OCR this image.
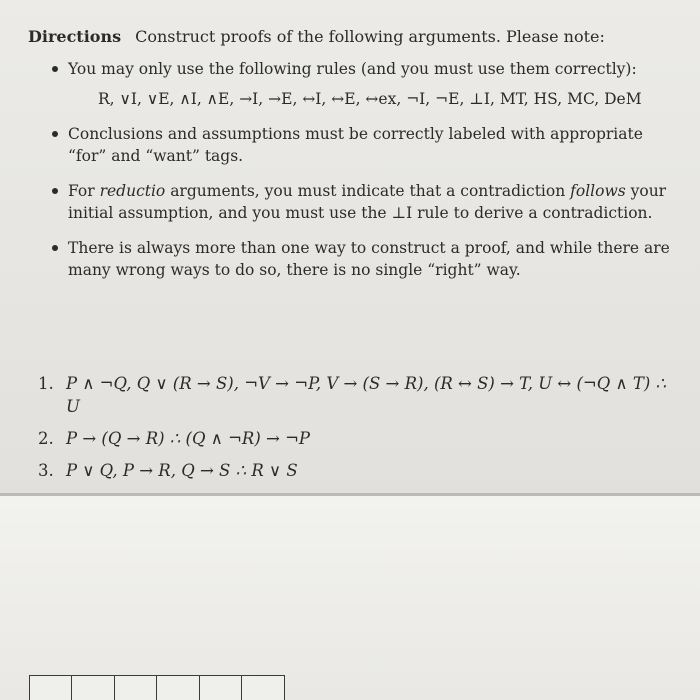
Directions Construct proofs of the following arguments. Please note:
You may only use the following rules (and you must use them correctly):
R, ∨I, ∨E, ∧I, ∧E, →I, →E, ↔I, ↔E, ↔ex, ¬I, ¬E, ⊥I, MT, HS, MC, DeM
Conclusions and assumptions must be correctly labeled with appropriate “for” and “want” tags.
For reductio arguments, you must indicate that a contradiction follows your initial assumption, and you must use the ⊥I rule to derive a contradiction.
There is always more than one way to construct a proof, and while there are many wrong ways to do so, there is no single “right” way.
1. P ∧ ¬Q, Q ∨ (R → S), ¬V → ¬P, V → (S → R), (R ↔ S) → T, U ↔ (¬Q ∧ T) ∴ U
2. P → (Q → R) ∴ (Q ∧ ¬R) → ¬P
3. P ∨ Q, P → R, Q → S ∴ R ∨ S
